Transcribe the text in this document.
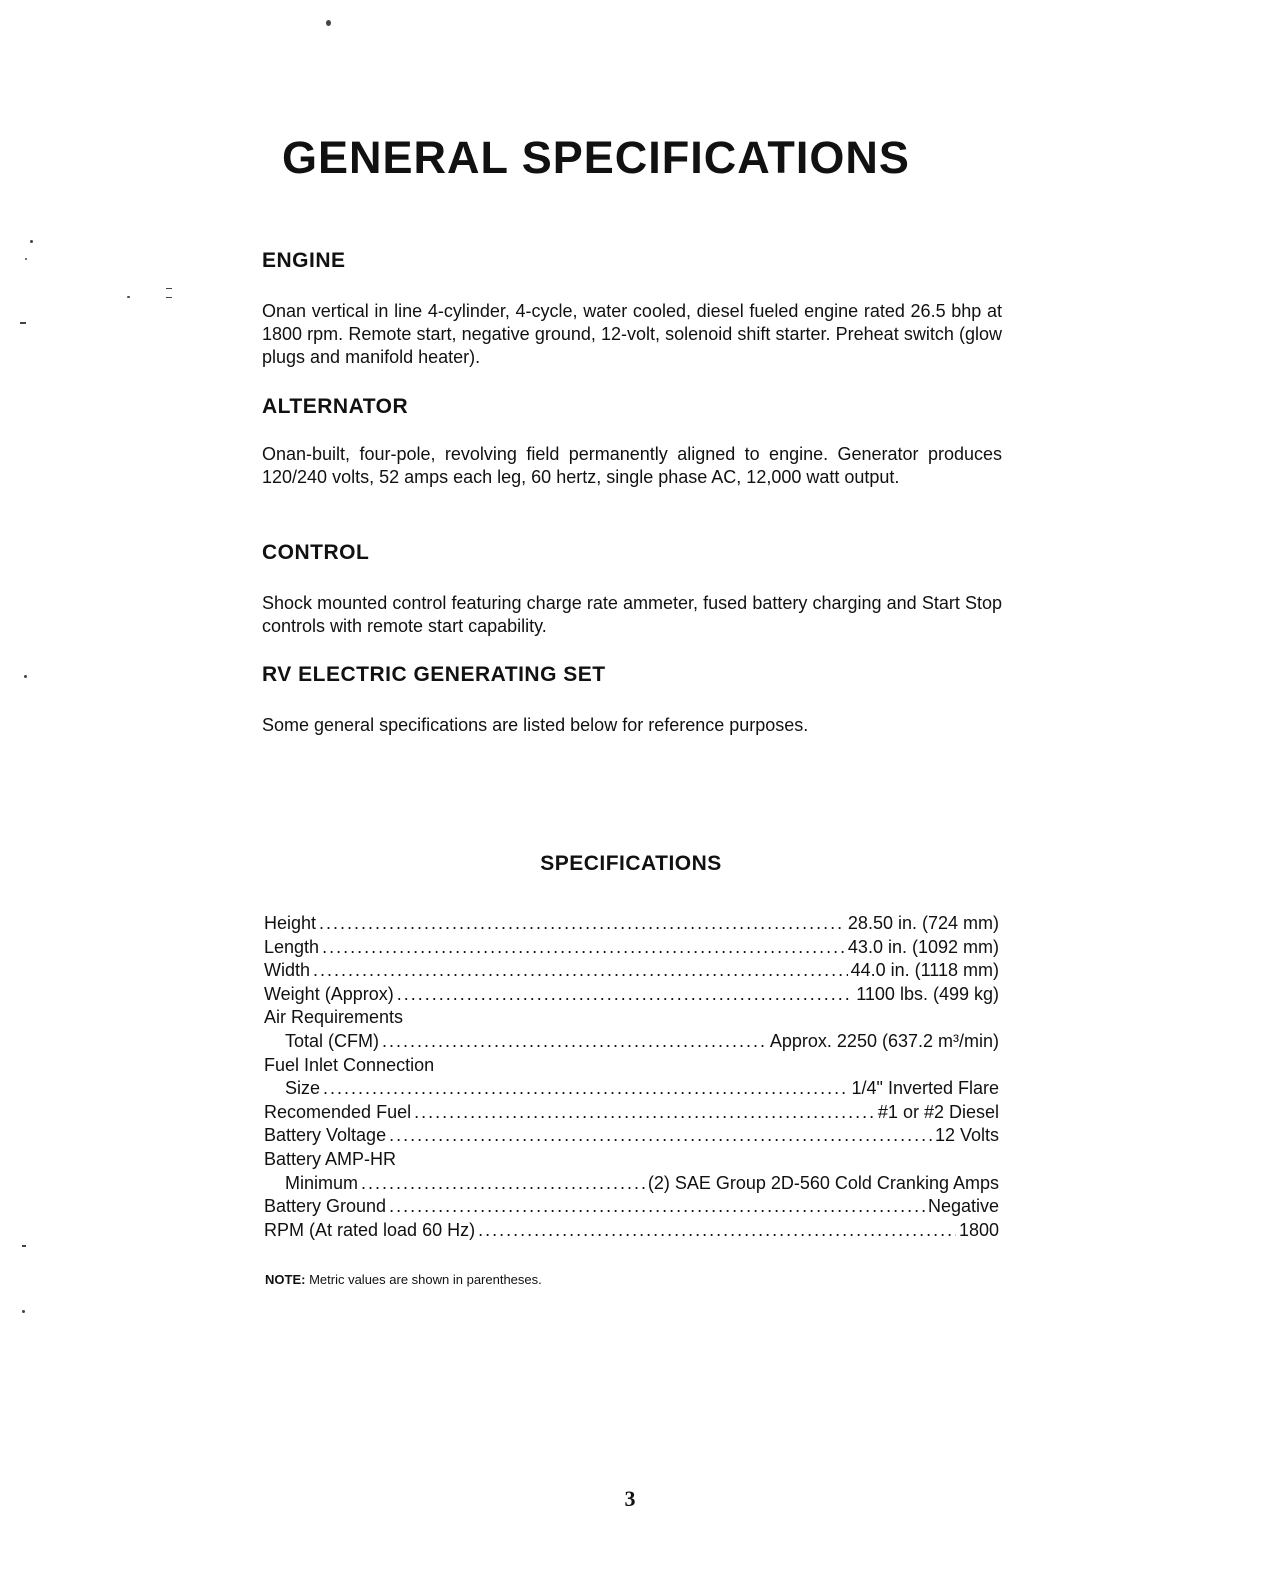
GENERAL SPECIFICATIONS
ENGINE

Onan vertical in line 4-cylinder, 4-cycle, water cooled, diesel fueled engine rated 26.5 bhp at 1800 rpm. Remote start, negative ground, 12-volt, solenoid shift starter. Preheat switch (glow plugs and manifold heater).

ALTERNATOR

Onan-built, four-pole, revolving field permanently aligned to engine. Generator produces 120/240 volts, 52 amps each leg, 60 hertz, single phase AC, 12,000 watt output.

CONTROL

Shock mounted control featuring charge rate ammeter, fused battery charging and Start Stop controls with remote start capability.

RV ELECTRIC GENERATING SET

Some general specifications are listed below for reference purposes.

SPECIFICATIONS
Height .....	28.50 in. (724 mm)
Length .....	43.0 in. (1092 mm)
Width .....	44.0 in. (1118 mm)
Weight (Approx) .....	1100 lbs. (499 kg)
Air Requirements
Total (CFM) .....	Approx. 2250 (637.2 m³/min)
Fuel Inlet Connection
Size .....	1/4" Inverted Flare
Recomended Fuel .....	#1 or #2 Diesel
Battery Voltage .....	12 Volts
Battery AMP-HR
Minimum .....	(2) SAE Group 2D-560 Cold Cranking Amps
Battery Ground .....	Negative
RPM (At rated load 60 Hz) .....	1800

NOTE: Metric values are shown in parentheses.

3
